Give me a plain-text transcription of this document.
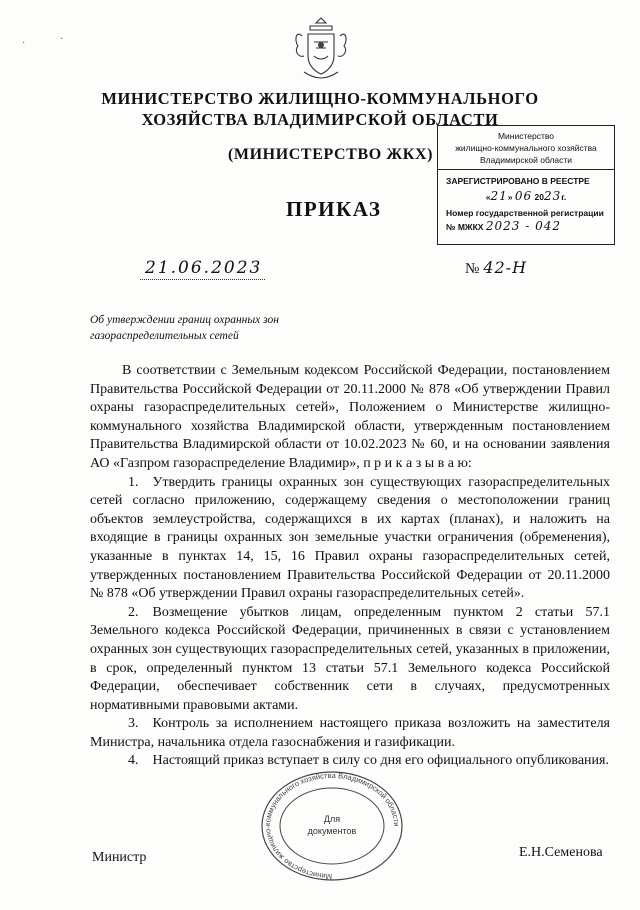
МИНИСТЕРСТВО ЖИЛИЩНО-КОММУНАЛЬНОГО
ХОЗЯЙСТВА ВЛАДИМИРСКОЙ ОБЛАСТИ
(МИНИСТЕРСТВО ЖКХ)
ПРИКАЗ
Министерство
жилищно-коммунального хозяйства
Владимирской области
ЗАРЕГИСТРИРОВАНО В РЕЕСТРЕ
«21» 06 2023г.
Номер государственной регистрации
№ МЖКХ 2023 - 042
21.06.2023	№ 42-Н
Об утверждении границ охранных зон газораспределительных сетей

В соответствии с Земельным кодексом Российской Федерации, постановлением Правительства Российской Федерации от 20.11.2000 № 878 «Об утверждении Правил охраны газораспределительных сетей», Положением о Министерстве жилищно-коммунального хозяйства Владимирской области, утвержденным постановлением Правительства Владимирской области от 10.02.2023 № 60, и на основании заявления АО «Газпром газораспределение Владимир», п р и к а з ы в а ю:

1. Утвердить границы охранных зон существующих газораспределительных сетей согласно приложению, содержащему сведения о местоположении границ объектов землеустройства, содержащихся в их картах (планах), и наложить на входящие в границы охранных зон земельные участки ограничения (обременения), указанные в пунктах 14, 15, 16 Правил охраны газораспределительных сетей, утвержденных постановлением Правительства Российской Федерации от 20.11.2000 № 878 «Об утверждении Правил охраны газораспределительных сетей».

2. Возмещение убытков лицам, определенным пунктом 2 статьи 57.1 Земельного кодекса Российской Федерации, причиненных в связи с установлением охранных зон существующих газораспределительных сетей, указанных в приложении, в срок, определенный пунктом 13 статьи 57.1 Земельного кодекса Российской Федерации, обеспечивает собственник сети в случаях, предусмотренных нормативными правовыми актами.

3. Контроль за исполнением настоящего приказа возложить на заместителя Министра, начальника отдела газоснабжения и газификации.

4. Настоящий приказ вступает в силу со дня его официального опубликования.

Министерство жилищно-коммунального хозяйства Владимирской области
Для
документов
Министр	Е.Н.Семенова
·	·
